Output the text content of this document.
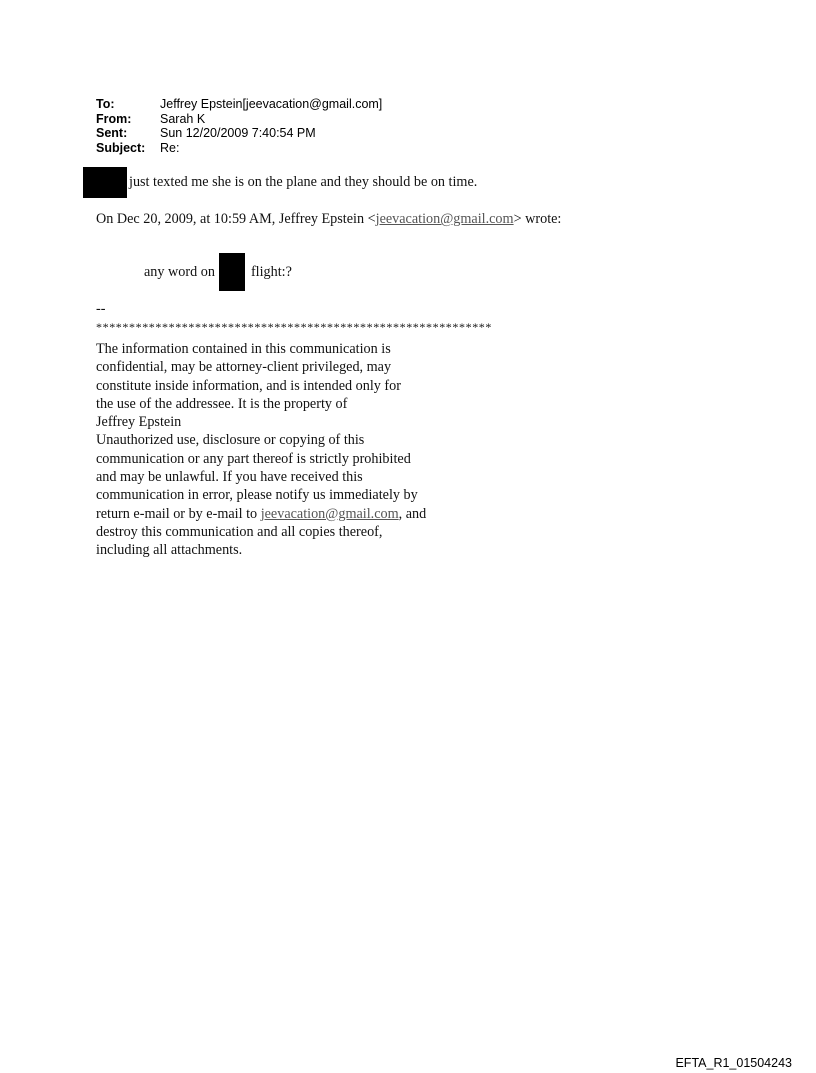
To:	Jeffrey Epstein[jeevacation@gmail.com]
From:	Sarah K
Sent:	Sun 12/20/2009 7:40:54 PM
Subject:	Re:
just texted me she is on the plane and they should be on time.
On Dec 20, 2009, at 10:59 AM, Jeffrey Epstein <jeevacation@gmail.com> wrote:
any word on	flight:?
--
************************************************************
The information contained in this communication is
confidential, may be attorney-client privileged, may
constitute inside information, and is intended only for
the use of the addressee. It is the property of
Jeffrey Epstein
Unauthorized use, disclosure or copying of this
communication or any part thereof is strictly prohibited
and may be unlawful. If you have received this
communication in error, please notify us immediately by
return e-mail or by e-mail to jeevacation@gmail.com, and
destroy this communication and all copies thereof,
including all attachments.
EFTA_R1_01504243
